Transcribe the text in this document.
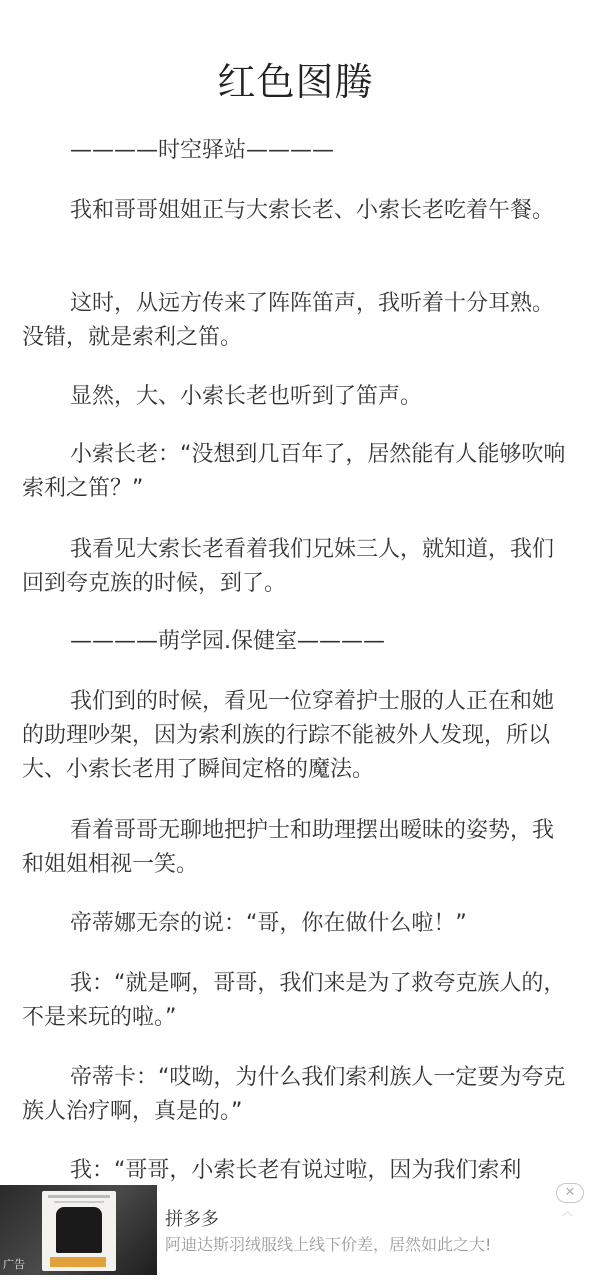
红色图腾

————时空驿站————

我和哥哥姐姐正与大索长老、小索长老吃着午餐。

这时，从远方传来了阵阵笛声，我听着十分耳熟。没错，就是索利之笛。

显然，大、小索长老也听到了笛声。

小索长老：“没想到几百年了，居然能有人能够吹响索利之笛？”

我看见大索长老看着我们兄妹三人，就知道，我们回到夸克族的时候，到了。

————萌学园.保健室————

我们到的时候，看见一位穿着护士服的人正在和她的助理吵架，因为索利族的行踪不能被外人发现，所以大、小索长老用了瞬间定格的魔法。

看着哥哥无聊地把护士和助理摆出暧昧的姿势，我和姐姐相视一笑。

帝蒂娜无奈的说：“哥，你在做什么啦！”

我：“就是啊，哥哥，我们来是为了救夸克族人的，不是来玩的啦。”

帝蒂卡：“哎呦，为什么我们索利族人一定要为夸克族人治疗啊，真是的。”

我：“哥哥，小索长老有说过啦，因为我们索利

广告
拼多多
阿迪达斯羽绒服线上线下价差，居然如此之大!
✕
︿
